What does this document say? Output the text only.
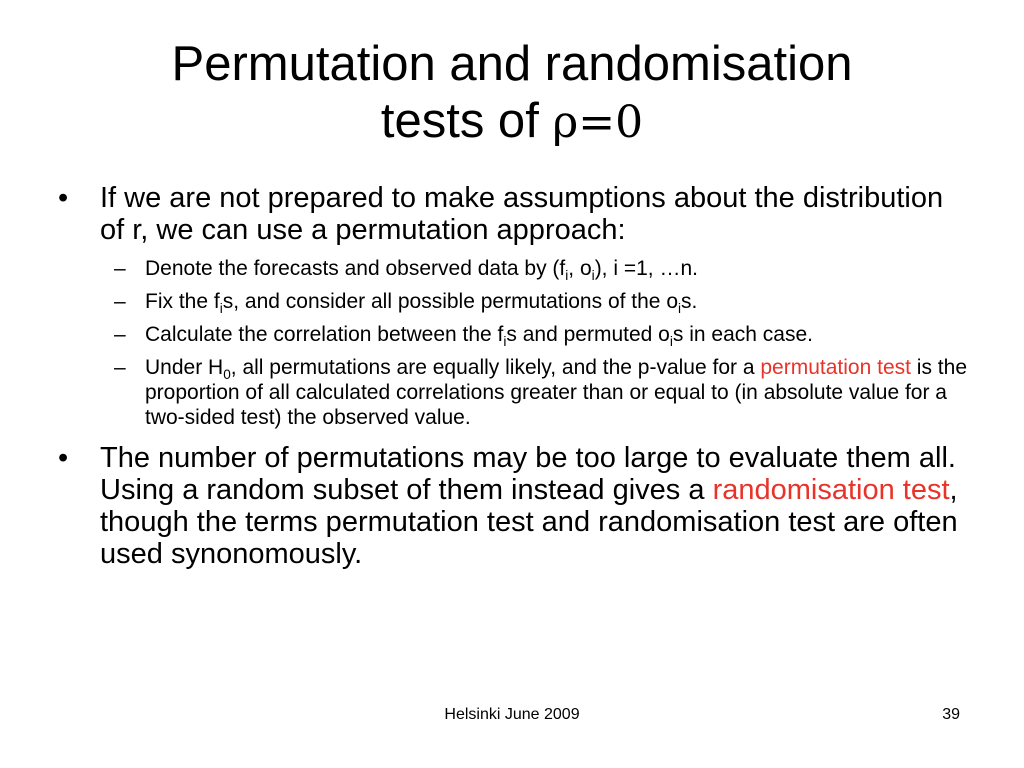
Permutation and randomisation
tests of ρ=0
•	If we are not prepared to make assumptions about the distribution of r, we can use a permutation approach:
– Denote the forecasts and observed data by ($f_i$, $o_i$), i =1, …n.
– Fix the $f_is$, and consider all possible permutations of the $o_is$.
– Calculate the correlation between the $f_is$ and permuted $o_is$ in each case.
– Under $H_0$, all permutations are equally likely, and the p-value for a permutation test is the proportion of all calculated correlations greater than or equal to (in absolute value for a two-sided test) the observed value.
•	The number of permutations may be too large to evaluate them all. Using a random subset of them instead gives a randomisation test, though the terms permutation test and randomisation test are often used synonomously.
Helsinki June 2009	39
